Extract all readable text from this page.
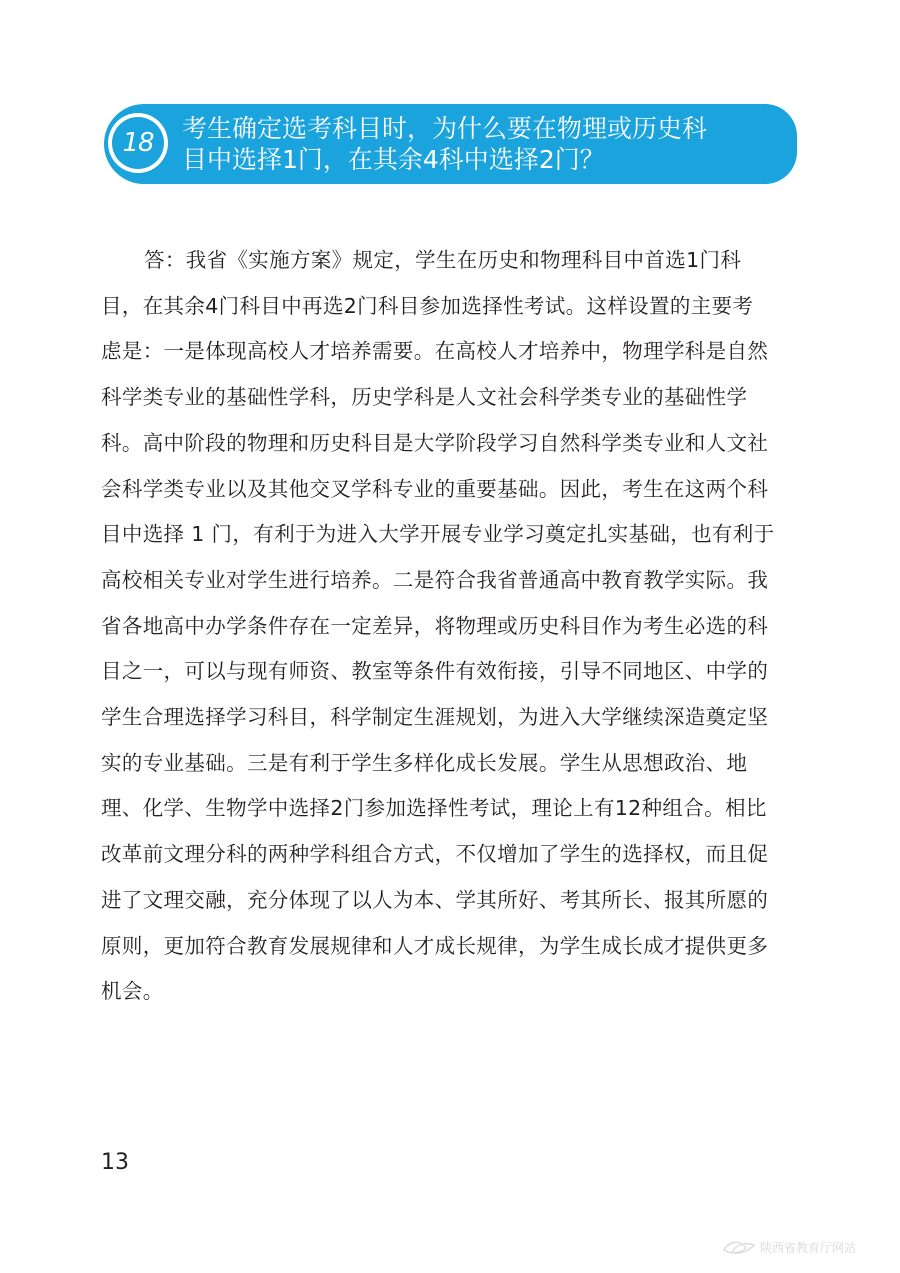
18	考生确定选考科目时，为什么要在物理或历史科
目中选择1门，在其余4科中选择2门？
答：我省《实施方案》规定，学生在历史和物理科目中首选1门科
目，在其余4门科目中再选2门科目参加选择性考试。这样设置的主要考
虑是：一是体现高校人才培养需要。在高校人才培养中，物理学科是自然
科学类专业的基础性学科，历史学科是人文社会科学类专业的基础性学
科。高中阶段的物理和历史科目是大学阶段学习自然科学类专业和人文社
会科学类专业以及其他交叉学科专业的重要基础。因此，考生在这两个科
目中选择 1 门，有利于为进入大学开展专业学习奠定扎实基础，也有利于
高校相关专业对学生进行培养。二是符合我省普通高中教育教学实际。我
省各地高中办学条件存在一定差异，将物理或历史科目作为考生必选的科
目之一，可以与现有师资、教室等条件有效衔接，引导不同地区、中学的
学生合理选择学习科目，科学制定生涯规划，为进入大学继续深造奠定坚
实的专业基础。三是有利于学生多样化成长发展。学生从思想政治、地
理、化学、生物学中选择2门参加选择性考试，理论上有12种组合。相比
改革前文理分科的两种学科组合方式，不仅增加了学生的选择权，而且促
进了文理交融，充分体现了以人为本、学其所好、考其所长、报其所愿的
原则，更加符合教育发展规律和人才成长规律，为学生成长成才提供更多
机会。
13
陕西省教育厅网站
